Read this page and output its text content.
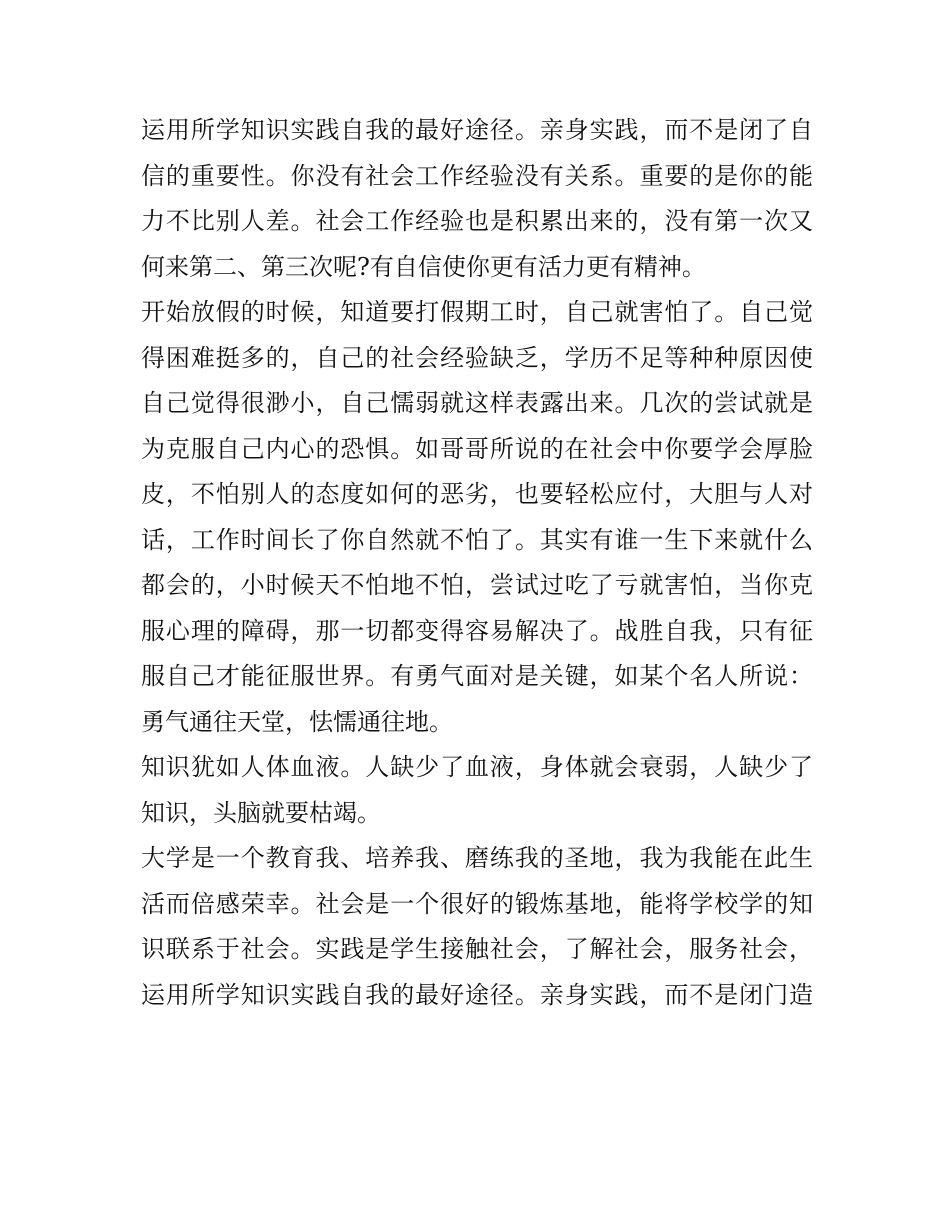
运用所学知识实践自我的最好途径。亲身实践，而不是闭了自
信的重要性。你没有社会工作经验没有关系。重要的是你的能
力不比别人差。社会工作经验也是积累出来的，没有第一次又
何来第二、第三次呢?有自信使你更有活力更有精神。
开始放假的时候，知道要打假期工时，自己就害怕了。自己觉
得困难挺多的，自己的社会经验缺乏，学历不足等种种原因使
自己觉得很渺小，自己懦弱就这样表露出来。几次的尝试就是
为克服自己内心的恐惧。如哥哥所说的在社会中你要学会厚脸
皮，不怕别人的态度如何的恶劣，也要轻松应付，大胆与人对
话，工作时间长了你自然就不怕了。其实有谁一生下来就什么
都会的，小时候天不怕地不怕，尝试过吃了亏就害怕，当你克
服心理的障碍，那一切都变得容易解决了。战胜自我，只有征
服自己才能征服世界。有勇气面对是关键，如某个名人所说：
勇气通往天堂，怯懦通往地。
知识犹如人体血液。人缺少了血液，身体就会衰弱，人缺少了
知识，头脑就要枯竭。
大学是一个教育我、培养我、磨练我的圣地，我为我能在此生
活而倍感荣幸。社会是一个很好的锻炼基地，能将学校学的知
识联系于社会。实践是学生接触社会，了解社会，服务社会，
运用所学知识实践自我的最好途径。亲身实践，而不是闭门造
